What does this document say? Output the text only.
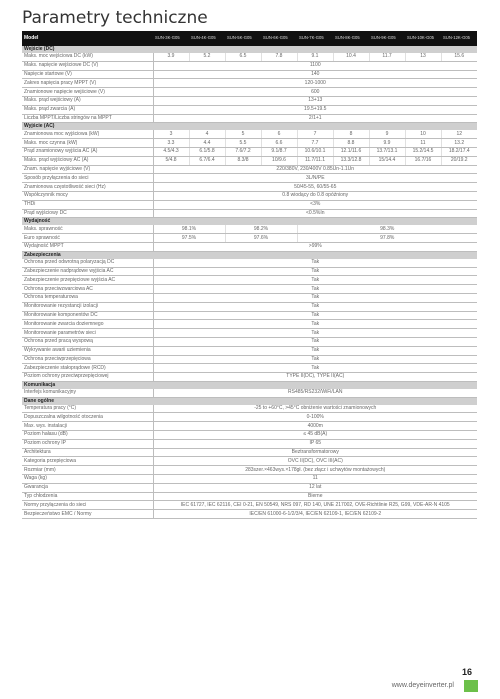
Parametry techniczne
Model	SUN-3K-G05	SUN-4K-G05	SUN-5K-G05	SUN-6K-G05	SUN-7K-G05	SUN-8K-G05	SUN-9K-G05	SUN-10K-G05	SUN-12K-G05
Wejście (DC)									
Maks. moc wejściowa DC (kW)	3.9	5.2	6.5	7.8	9.1	10.4	11.7	13	15.6
Maks. napięcie wejściowe DC (V)	1100								
Napięcie startowe (V)	140								
Zakres napięcia pracy MPPT (V)	120-1000								
Znamionowe napięcie wejściowe (V)	600								
Maks. prąd wejściowy (A)	13+13								
Maks. prąd zwarcia (A)	19.5+19.5								
Liczba MPPT/Liczba stringów na MPPT	2/1+1								
Wyjście (AC)									
Znamionowa moc wyjściowa (kW)	3	4	5	6	7	8	9	10	12
Maks. moc czynna (kW)	3.3	4.4	5.5	6.6	7.7	8.8	9.9	11	13.2
Prąd znamionowy wyjścia AC (A)	4.5/4.3	6.1/5.8	7.6/7.2	9.1/8.7	10.6/10.1	12.1/11.6	13.7/13.1	15.2/14.5	18.2/17.4
Maks. prąd wyjściowy AC (A)	5/4.8	6.7/6.4	8.3/8	10/9.6	11.7/11.1	13.3/12.8	15/14.4	16.7/16	20/19.2
Znam. napięcie wyjściowe (V)	220/380V, 230/400V 0.85Un-1.1Un								
Sposób przyłączenia do sieci	3L/N/PE								
Znamionowa częstotliwość sieci (Hz)	50/45-55, 60/55-65								
Współczynnik mocy	0.8 wiodący do 0.8 opóźniony								
THDi	<3%								
Prąd wyjściowy DC	<0.5%In								
Wydajność									
Maks. sprawność	98.1%		98.2%		98.3%				
Euro sprawność	97.5%		97.6%		97.8%				
Wydajność MPPT	>99%								
Zabezpieczenia									
Ochrona przed odwrotną polaryzacją DC	Tak								
Zabezpieczenie nadprądowe wyjścia AC	Tak								
Zabezpieczenie przepięciowe wyjścia AC	Tak								
Ochrona przeciwzwarciowa AC	Tak								
Ochrona temperaturowa	Tak								
Monitorowanie rezystancji izolacji	Tak								
Monitorowanie komponentów DC	Tak								
Monitorowanie zwarcia doziemnego	Tak								
Monitorowanie parametrów sieci	Tak								
Ochrona przed pracą wyspową	Tak								
Wykrywanie awarii uziemienia	Tak								
Ochrona przeciwprzepięciowa	Tak								
Zabezpieczenie stałoprądowe (RCD)	Tak								
Poziom ochrony przeciwprzepięciowej	TYPE II(DC), TYPE II(AC)								
Komunikacja									
Interfejs komunikacyjny	RS485/RS232/WiFi/LAN								
Dane ogólne									
Temperatura pracy (°C)	-25 to +60°C, >45°C obniżenie wartości znamionowych								
Dopuszczalna wilgotność otoczenia	0-100%								
Max. wys. instalacji	4000m								
Poziom hałasu (dB)	≤ 45 dB(A)								
Poziom ochrony IP	IP 65								
Architektura	Beztransformatorowy								
Kategoria przepięciowa	OVC II(DC), OVC III(AC)								
Rozmiar (mm)	283szer.×463wys.×178gł. (bez złącz i uchwytów montażowych)								
Waga (kg)	11								
Gwarancja	12 lat								
Typ chłodzenia	Bierne								
Normy przyłączenia do sieci	IEC 61727, IEC 62116, CEI 0-21, EN 50549, NRS 097, RD 140, UNE 217002, OVE-Richtlinie R25, G99, VDE-AR-N 4105								
Bezpieczeństwo EMC / Normy	IEC/EN 61000-6-1/2/3/4, IEC/EN 62109-1, IEC/EN 62109-2								
16
www.deyeinverter.pl
